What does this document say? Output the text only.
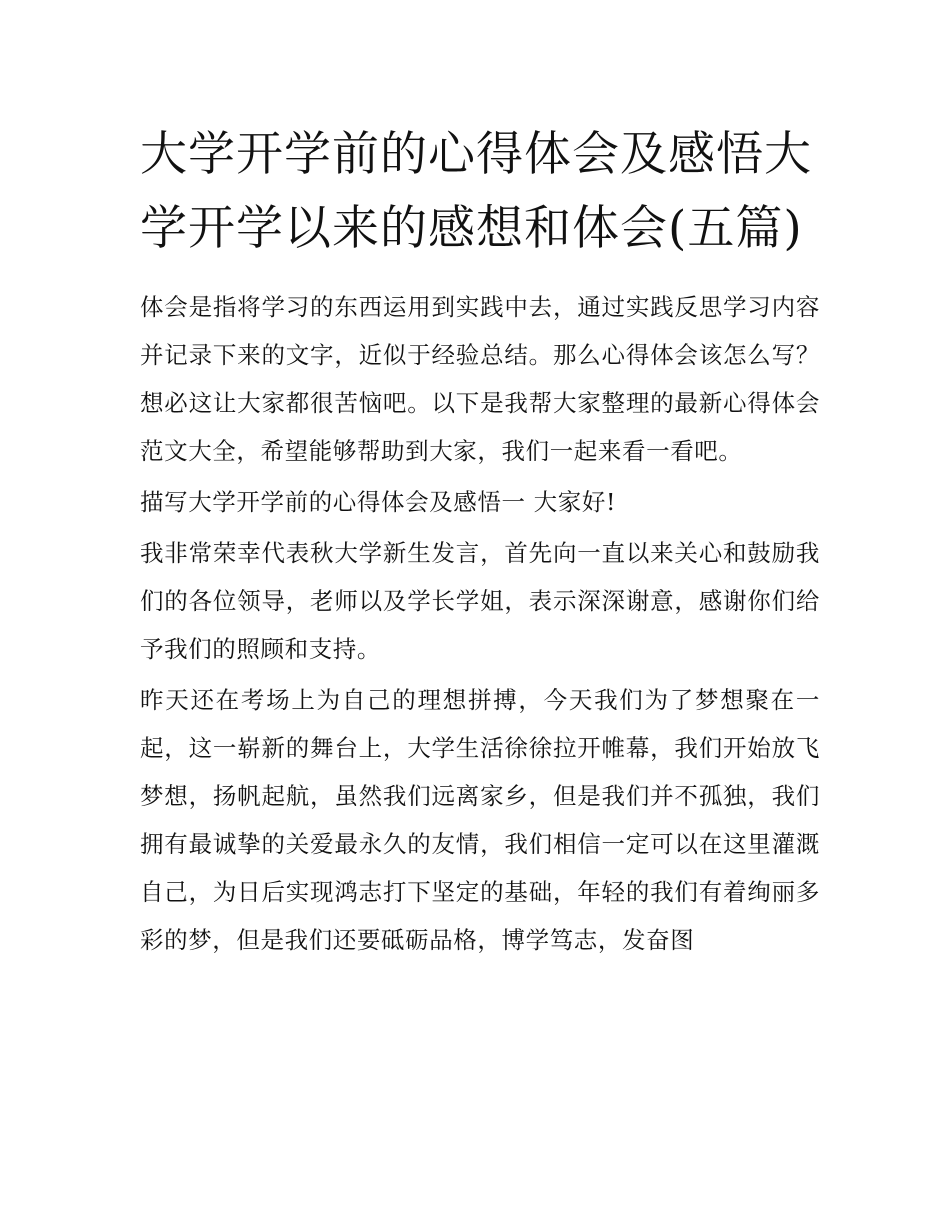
大学开学前的心得体会及感悟大学开学以来的感想和体会(五篇)

体会是指将学习的东西运用到实践中去，通过实践反思学习内容并记录下来的文字，近似于经验总结。那么心得体会该怎么写？想必这让大家都很苦恼吧。以下是我帮大家整理的最新心得体会范文大全，希望能够帮助到大家，我们一起来看一看吧。

描写大学开学前的心得体会及感悟一 大家好!

我非常荣幸代表秋大学新生发言，首先向一直以来关心和鼓励我们的各位领导，老师以及学长学姐，表示深深谢意，感谢你们给予我们的照顾和支持。

昨天还在考场上为自己的理想拼搏，今天我们为了梦想聚在一起，这一崭新的舞台上，大学生活徐徐拉开帷幕，我们开始放飞梦想，扬帆起航，虽然我们远离家乡，但是我们并不孤独，我们拥有最诚挚的关爱最永久的友情，我们相信一定可以在这里灌溉自己，为日后实现鸿志打下坚定的基础，年轻的我们有着绚丽多彩的梦，但是我们还要砥砺品格，博学笃志，发奋图
